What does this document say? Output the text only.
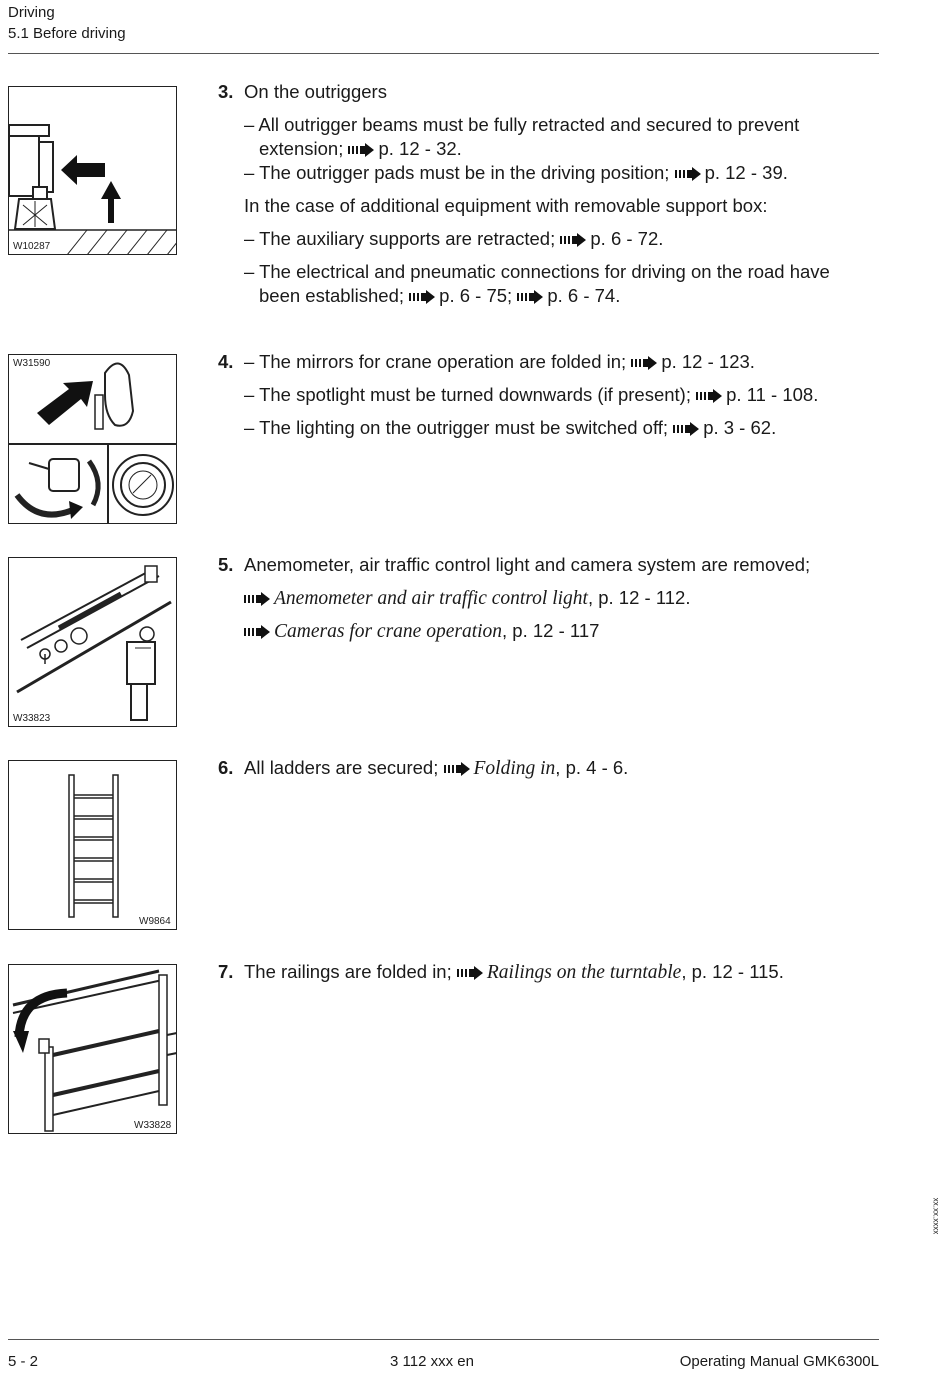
Driving
5.1 Before driving
W10287
W31590
W33823
W9864
W33828
3. On the outriggers
– All outrigger beams must be fully retracted and secured to prevent
extension; p. 12 - 32.
– The outrigger pads must be in the driving position; p. 12 - 39.
In the case of additional equipment with removable support box:
– The auxiliary supports are retracted; p. 6 - 72.
– The electrical and pneumatic connections for driving on the road have
been established; p. 6 - 75; p. 6 - 74.
4. – The mirrors for crane operation are folded in; p. 12 - 123.
– The spotlight must be turned downwards (if present); p. 11 - 108.
– The lighting on the outrigger must be switched off; p. 3 - 62.
5. Anemometer, air traffic control light and camera system are removed;
Anemometer and air traffic control light, p. 12 - 112.
Cameras for crane operation, p. 12 - 117
6. All ladders are secured; Folding in, p. 4 - 6.
7. The railings are folded in; Railings on the turntable, p. 12 - 115.
xx.xx.xxxx
5 - 2	3 112 xxx en	Operating Manual GMK6300L
